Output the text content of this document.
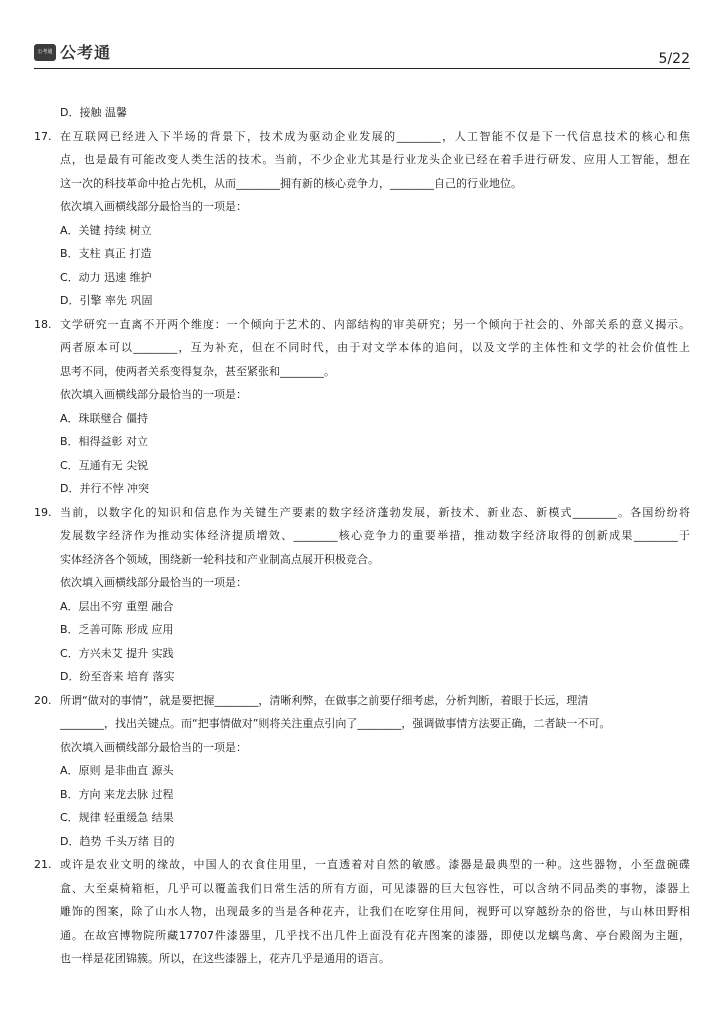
公考通 公考通	5/22
D．接触 温馨
17. 在互联网已经进入下半场的背景下，技术成为驱动企业发展的________，人工智能不仅是下一代信息技术的核心和焦
点，也是最有可能改变人类生活的技术。当前，不少企业尤其是行业龙头企业已经在着手进行研发、应用人工智能，想在
这一次的科技革命中抢占先机，从而________拥有新的核心竞争力，________自己的行业地位。
依次填入画横线部分最恰当的一项是：
A．关键 持续 树立
B．支柱 真正 打造
C．动力 迅速 维护
D．引擎 率先 巩固
18. 文学研究一直离不开两个维度：一个倾向于艺术的、内部结构的审美研究；另一个倾向于社会的、外部关系的意义揭示。
两者原本可以________，互为补充，但在不同时代，由于对文学本体的追问，以及文学的主体性和文学的社会价值性上
思考不同，使两者关系变得复杂，甚至紧张和________。
依次填入画横线部分最恰当的一项是：
A．珠联璧合 僵持
B．相得益彰 对立
C．互通有无 尖锐
D．并行不悖 冲突
19. 当前，以数字化的知识和信息作为关键生产要素的数字经济蓬勃发展，新技术、新业态、新模式________。各国纷纷将
发展数字经济作为推动实体经济提质增效、________核心竞争力的重要举措，推动数字经济取得的创新成果________于
实体经济各个领域，围绕新一轮科技和产业制高点展开积极竞合。
依次填入画横线部分最恰当的一项是：
A．层出不穷 重塑 融合
B．乏善可陈 形成 应用
C．方兴未艾 提升 实践
D．纷至沓来 培育 落实
20. 所谓“做对的事情”，就是要把握________，清晰利弊，在做事之前要仔细考虑，分析判断，着眼于长远，理清
________，找出关键点。而“把事情做对”则将关注重点引向了________，强调做事情方法要正确，二者缺一不可。
依次填入画横线部分最恰当的一项是：
A．原则 是非曲直 源头
B．方向 来龙去脉 过程
C．规律 轻重缓急 结果
D．趋势 千头万绪 目的
21. 或许是农业文明的缘故，中国人的衣食住用里，一直透着对自然的敏感。漆器是最典型的一种。这些器物，小至盘碗碟
盒、大至桌椅箱柜，几乎可以覆盖我们日常生活的所有方面，可见漆器的巨大包容性，可以含纳不同品类的事物，漆器上
雕饰的图案，除了山水人物，出现最多的当是各种花卉，让我们在吃穿住用间，视野可以穿越纷杂的俗世，与山林田野相
通。在故宫博物院所藏17707件漆器里，几乎找不出几件上面没有花卉图案的漆器，即使以龙螭鸟禽、亭台殿阁为主题，
也一样是花团锦簇。所以，在这些漆器上，花卉几乎是通用的语言。
